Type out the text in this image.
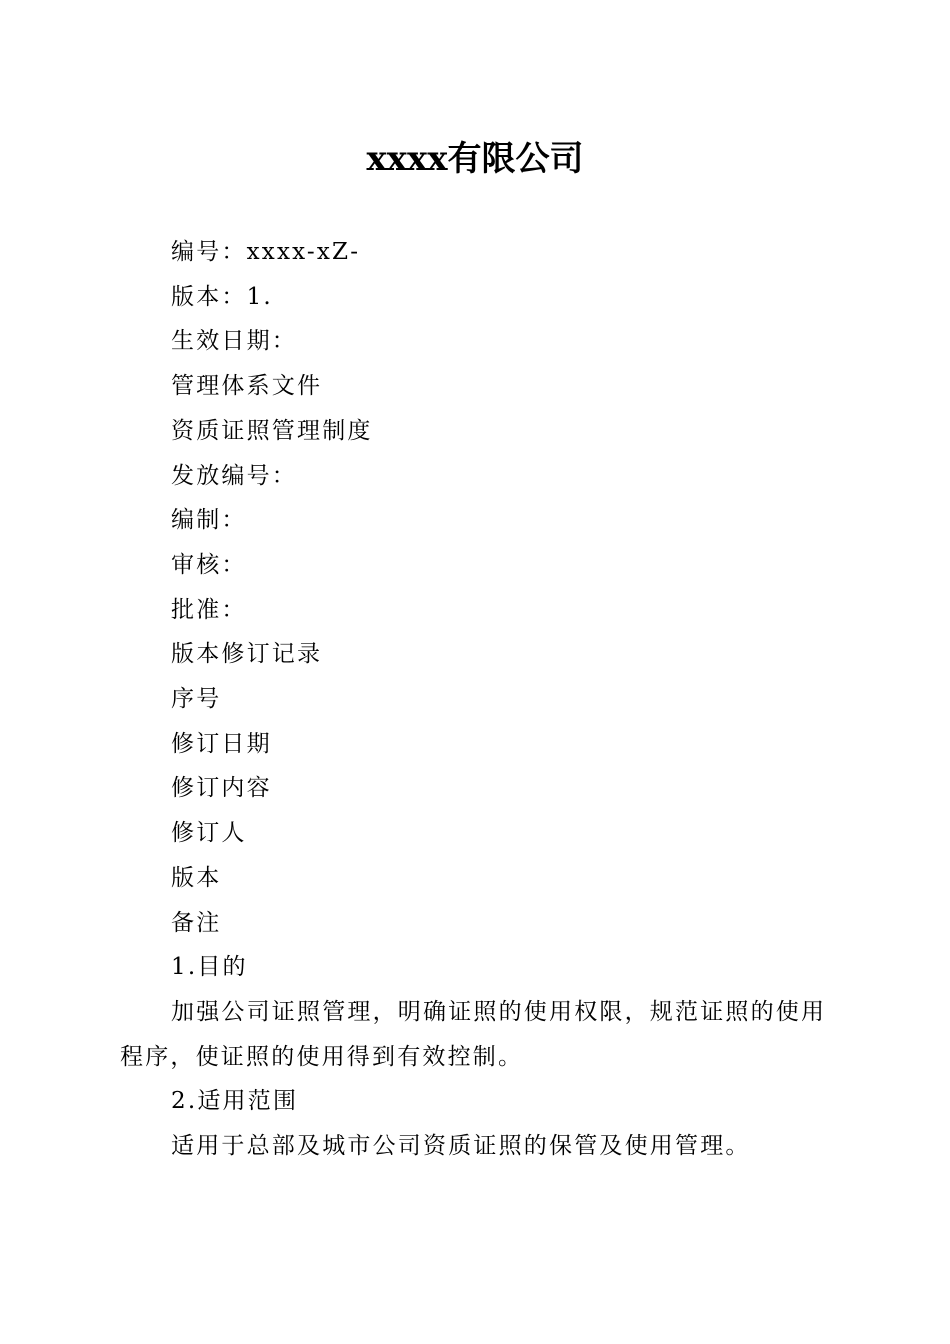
xxxx有限公司

编号：xxxx-xZ-

版本：1.

生效日期：

管理体系文件

资质证照管理制度

发放编号：

编制：

审核：

批准：

版本修订记录

序号

修订日期

修订内容

修订人

版本

备注

1.目的

加强公司证照管理，明确证照的使用权限，规范证照的使用程序，使证照的使用得到有效控制。

2.适用范围

适用于总部及城市公司资质证照的保管及使用管理。
